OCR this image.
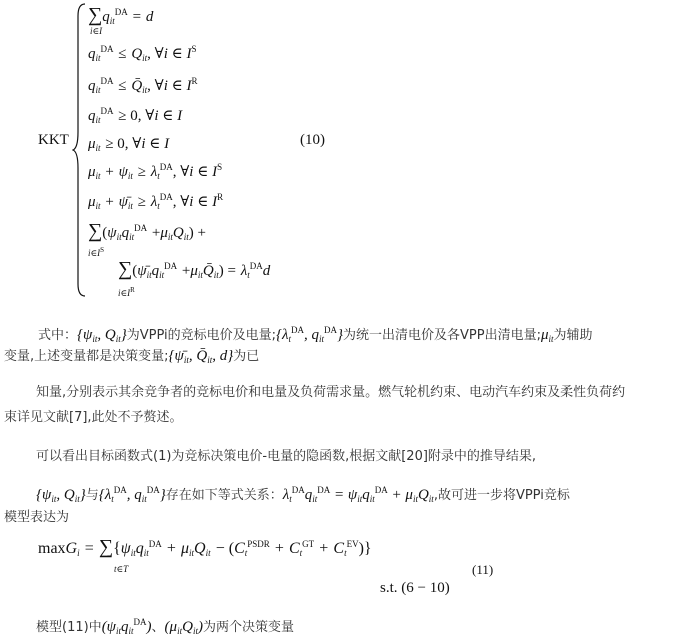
KKT	(10)
$\sum q_{it}^{DA} = d$
i∈I
$q_{it}^{DA} \le Q_{it}$, ∀i ∈ $I^S$
$q_{it}^{DA}$ ≤ $Q̄_{it}$, ∀i ∈ $I^R$
$q_{it}^{DA} \ge 0$, ∀i ∈ I
$\mu_{it} \ge 0$, ∀i ∈ I
$\mu_{it} + \psi_{it} \ge \lambda_t^{DA}$, ∀i ∈ $I^S$
$\mu_{it}$ + $\psī_{it} \ge \lambda_t^{DA}$, ∀i ∈ $I^R$
$\sum(\psi_{it}q_{it}^{DA} +\mu_{it}Q_{it})$ +
$i\in I^S$
$\sum(\psī_{it}q_{it}^{DA}$ $+\mu_{it}Q̄_{it}) = \lambda_t^{DA}d$
$i\in I^R$
式中：{$\psi_{it}$, $Q_{it}$}为VPPi的竞标电价及电量$;\{\lambda_t^{DA}$, $q_{it}^{DA}$}为统一出清电价及各VPP出清电量$;\mu_{it}$为辅助
变量,上述变量都是决策变量$;\{\psī_{it}$, $Q̄_{it}$, d}为已
知量,分别表示其余竞争者的竞标电价和电量及负荷需求量。燃气轮机约束、电动汽车约束及柔性负荷约
束详见文献[7],此处不予赘述。
可以看出目标函数式(1)为竞标决策电价-电量的隐函数,根据文献[20]附录中的推导结果,
{$\psi_{it}$, $Q_{it}$}与{$\lambda_t^{DA}$, $q_{it}^{DA}$}存在如下等式关系：$\lambda_t^{DA}q_{it}^{DA} = \psi_{it}q_{it}^{DA} + \mu_{it}Q_{it}$,故可进一步将VPPi竞标
模型表达为
$\max G_i = \sum\{\psi_{it}q_{it}^{DA} + \mu_{it}Q_{it} - (C_t^{PSDR} + C_t^{GT} + C_t^{EV})\}$
t∈T	(11)
s.t. (6 − 10)
模型(11)中$(\psi_{it}q_{it}^{DA})$、$(\mu_{it}Q_{it})$为两个决策变量
